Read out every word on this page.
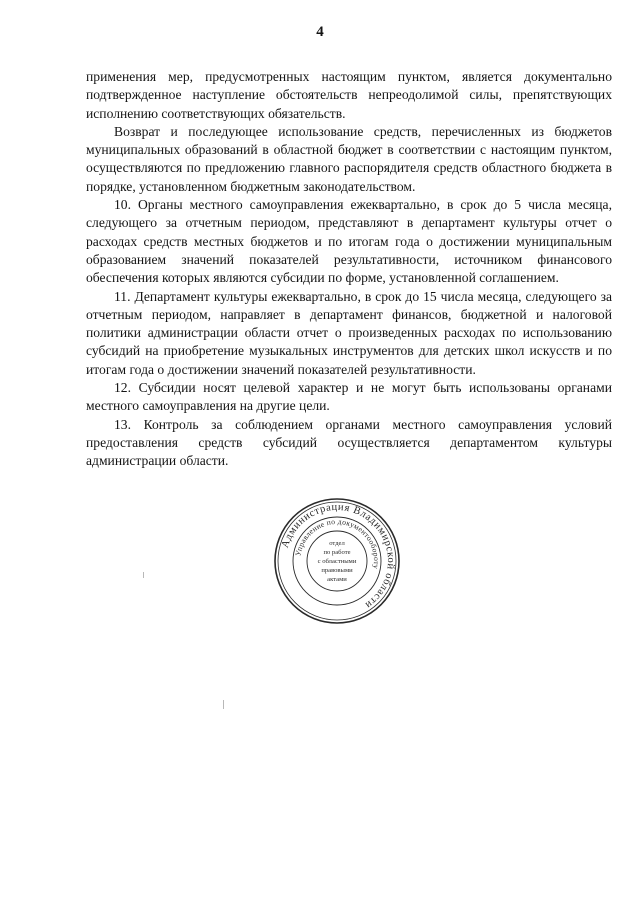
4

применения мер, предусмотренных настоящим пунктом, является документально подтвержденное наступление обстоятельств непреодолимой силы, препятствующих исполнению соответствующих обязательств.

Возврат и последующее использование средств, перечисленных из бюджетов муниципальных образований в областной бюджет в соответствии с настоящим пунктом, осуществляются по предложению главного распорядителя средств областного бюджета в порядке, установленном бюджетным законодательством.

10. Органы местного самоуправления ежеквартально, в срок до 5 числа месяца, следующего за отчетным периодом, представляют в департамент культуры отчет о расходах средств местных бюджетов и по итогам года о достижении муниципальным образованием значений показателей результативности, источником финансового обеспечения которых являются субсидии по форме, установленной соглашением.

11. Департамент культуры ежеквартально, в срок до 15 числа месяца, следующего за отчетным периодом, направляет в департамент финансов, бюджетной и налоговой политики администрации области отчет о произведенных расходах по использованию субсидий на приобретение музыкальных инструментов для детских школ искусств и по итогам года о достижении значений показателей результативности.

12. Субсидии носят целевой характер и не могут быть использованы органами местного самоуправления на другие цели.

13. Контроль за соблюдением органами местного самоуправления условий предоставления средств субсидий осуществляется департаментом культуры администрации области.

Администрация Владимирской области
Управление по документообороту
отдел
по работе
с областными
правовыми
актами
